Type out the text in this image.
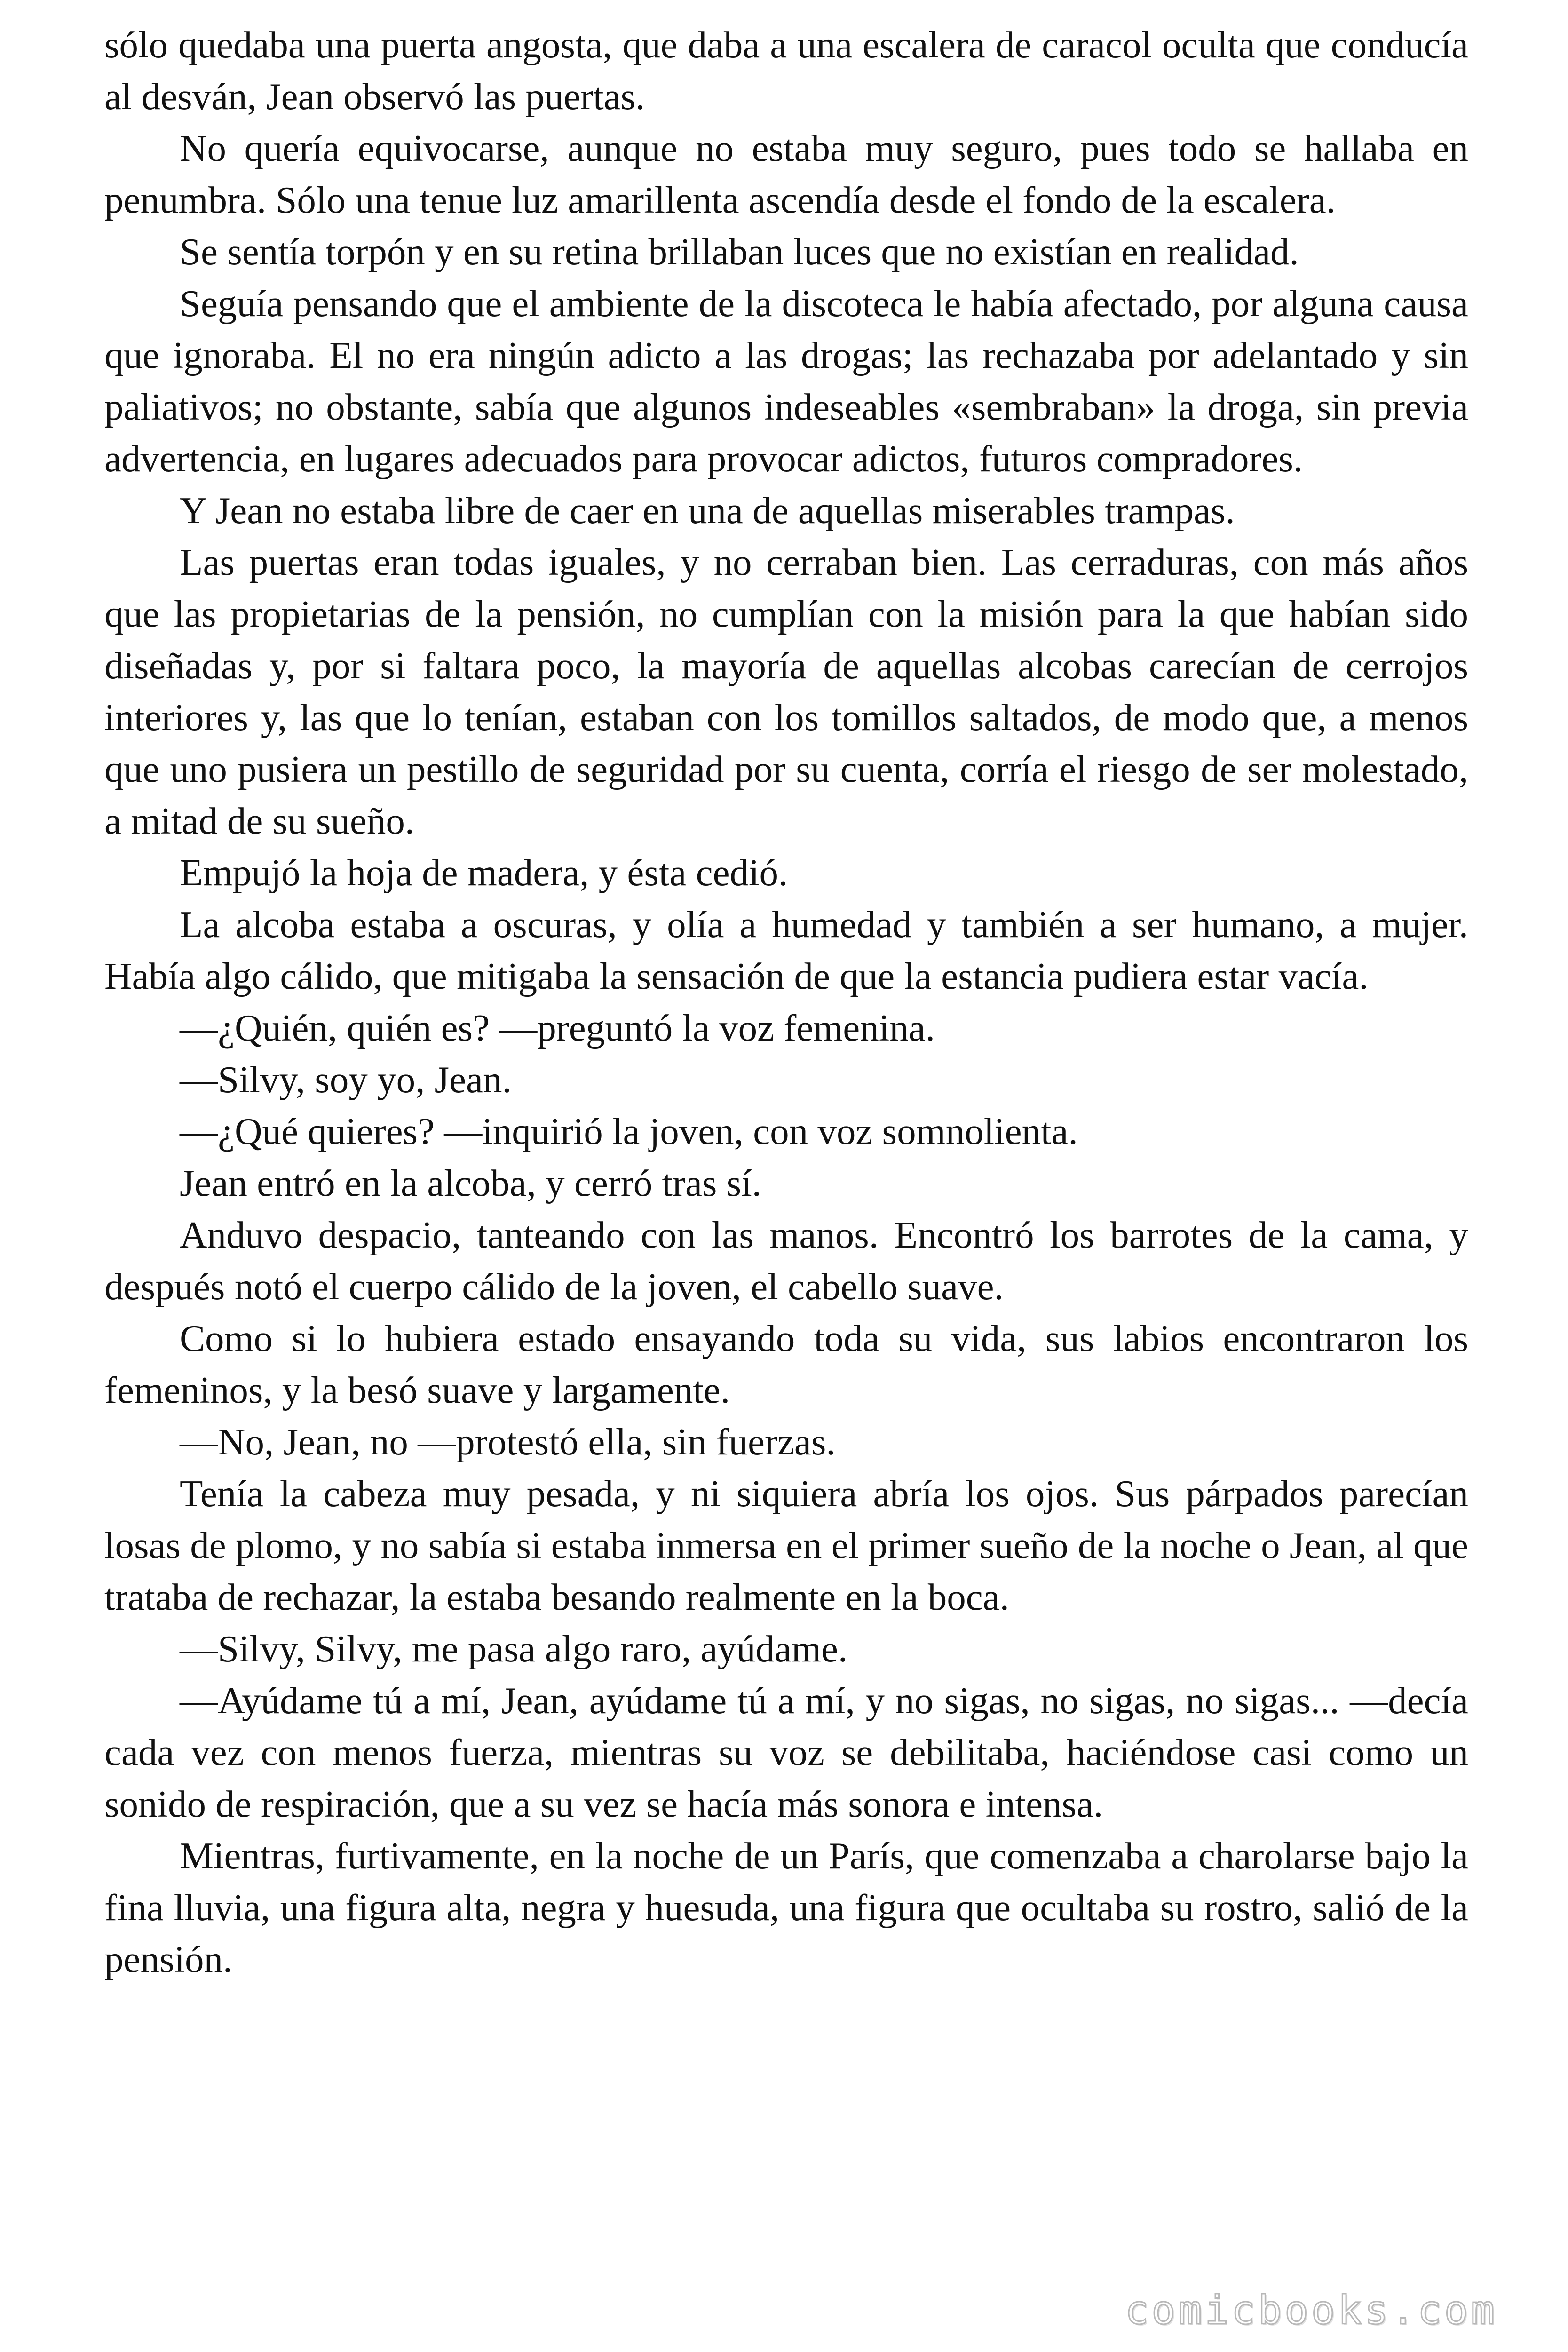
sólo quedaba una puerta angosta, que daba a una escalera de caracol oculta que conducía al desván, Jean observó las puertas.

No quería equivocarse, aunque no estaba muy seguro, pues todo se hallaba en penumbra. Sólo una tenue luz amarillenta ascendía desde el fondo de la escalera.

Se sentía torpón y en su retina brillaban luces que no existían en realidad.

Seguía pensando que el ambiente de la discoteca le había afectado, por alguna causa que ignoraba. El no era ningún adicto a las drogas; las rechazaba por adelantado y sin paliativos; no obstante, sabía que algunos indeseables «sembraban» la droga, sin previa advertencia, en lugares adecuados para provocar adictos, futuros compradores.

Y Jean no estaba libre de caer en una de aquellas miserables trampas.

Las puertas eran todas iguales, y no cerraban bien. Las cerraduras, con más años que las propietarias de la pensión, no cumplían con la misión para la que habían sido diseñadas y, por si faltara poco, la mayoría de aquellas alcobas carecían de cerrojos interiores y, las que lo tenían, estaban con los tomillos saltados, de modo que, a menos que uno pusiera un pestillo de seguridad por su cuenta, corría el riesgo de ser molestado, a mitad de su sueño.

Empujó la hoja de madera, y ésta cedió.

La alcoba estaba a oscuras, y olía a humedad y también a ser humano, a mujer. Había algo cálido, que mitigaba la sensación de que la estancia pudiera estar vacía.

—¿Quién, quién es? —preguntó la voz femenina.

—Silvy, soy yo, Jean.

—¿Qué quieres? —inquirió la joven, con voz somnolienta.

Jean entró en la alcoba, y cerró tras sí.

Anduvo despacio, tanteando con las manos. Encontró los barrotes de la cama, y después notó el cuerpo cálido de la joven, el cabello suave.

Como si lo hubiera estado ensayando toda su vida, sus labios encontraron los femeninos, y la besó suave y largamente.

—No, Jean, no —protestó ella, sin fuerzas.

Tenía la cabeza muy pesada, y ni siquiera abría los ojos. Sus párpados parecían losas de plomo, y no sabía si estaba inmersa en el primer sueño de la noche o Jean, al que trataba de rechazar, la estaba besando realmente en la boca.

—Silvy, Silvy, me pasa algo raro, ayúdame.

—Ayúdame tú a mí, Jean, ayúdame tú a mí, y no sigas, no sigas, no sigas... —decía cada vez con menos fuerza, mientras su voz se debilitaba, haciéndose casi como un sonido de respiración, que a su vez se hacía más sonora e intensa.

Mientras, furtivamente, en la noche de un París, que comenzaba a charolarse bajo la fina lluvia, una figura alta, negra y huesuda, una figura que ocultaba su rostro, salió de la pensión.

comicbooks.com
